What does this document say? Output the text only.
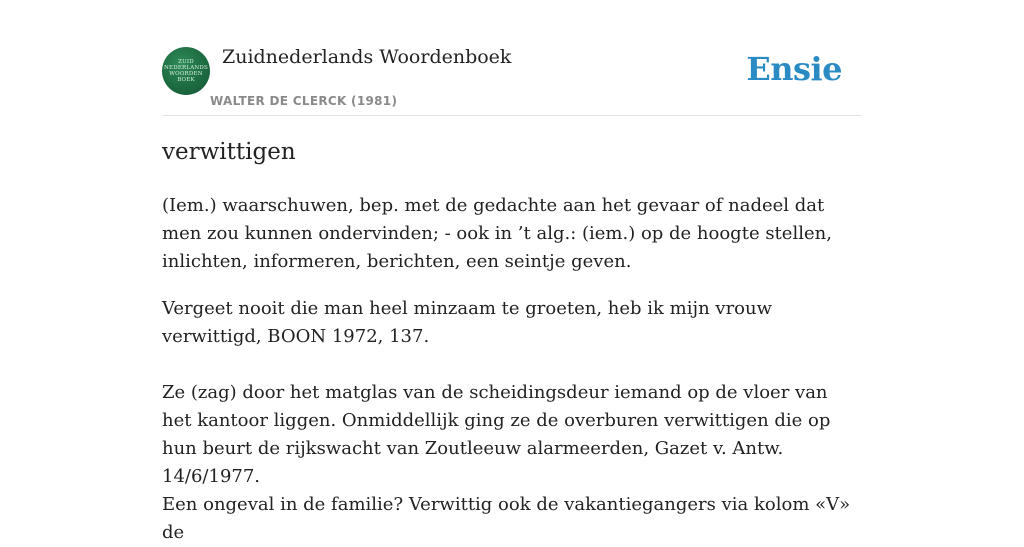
ZUID
NEDERLANDS
WOORDEN
BOEK
Zuidnederlands Woordenboek
WALTER DE CLERCK (1981)
Ensie
verwittigen

(Iem.) waarschuwen, bep. met de gedachte aan het gevaar of nadeel dat men zou kunnen ondervinden; - ook in ’t alg.: (iem.) op de hoogte stellen, inlichten, informeren, berichten, een seintje geven.

Vergeet nooit die man heel minzaam te groeten, heb ik mijn vrouw verwittigd, BOON 1972, 137.

Ze (zag) door het matglas van de scheidingsdeur iemand op de vloer van het kantoor liggen. Onmiddellijk ging ze de overburen verwittigen die op hun beurt de rijkswacht van Zoutleeuw alarmeerden, Gazet v. Antw. 14/6/1977.

Een ongeval in de familie? Verwittig ook de vakantiegangers via kolom «V» de
